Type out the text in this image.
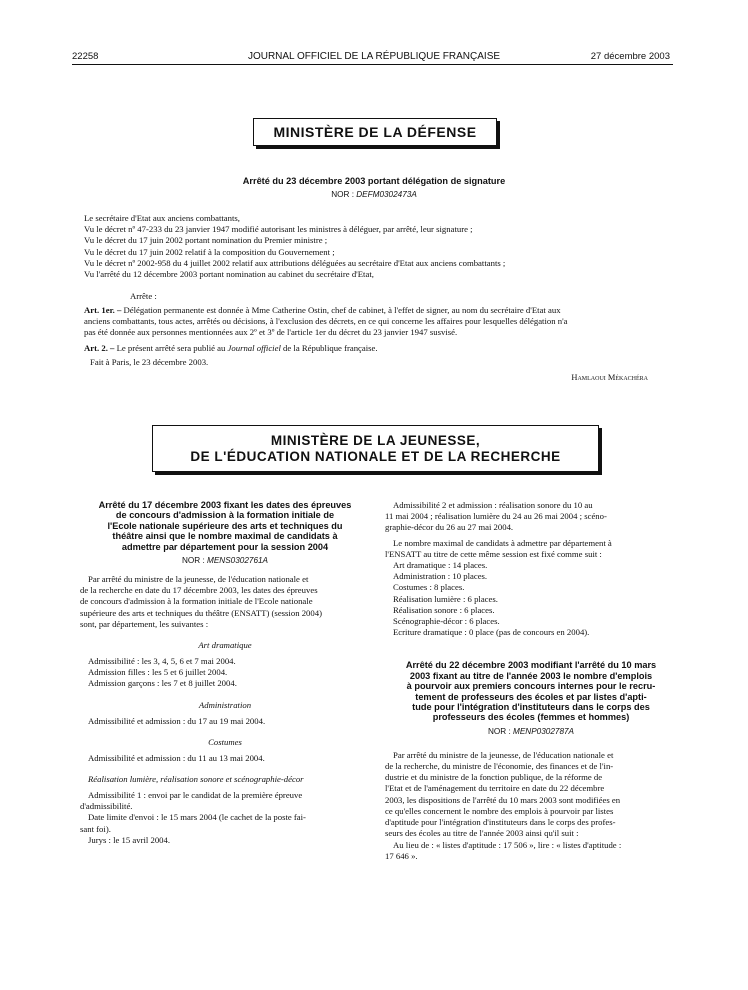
22258	JOURNAL OFFICIEL DE LA RÉPUBLIQUE FRANÇAISE	27 décembre 2003
MINISTÈRE DE LA DÉFENSE
Arrêté du 23 décembre 2003 portant délégation de signature
NOR : DEFM0302473A
Le secrétaire d'Etat aux anciens combattants,
Vu le décret nº 47-233 du 23 janvier 1947 modifié autorisant les ministres à déléguer, par arrêté, leur signature ;
Vu le décret du 17 juin 2002 portant nomination du Premier ministre ;
Vu le décret du 17 juin 2002 relatif à la composition du Gouvernement ;
Vu le décret nº 2002-958 du 4 juillet 2002 relatif aux attributions déléguées au secrétaire d'Etat aux anciens combattants ;
Vu l'arrêté du 12 décembre 2003 portant nomination au cabinet du secrétaire d'Etat,
Arrête :
Art. 1er. – Délégation permanente est donnée à Mme Catherine Ostin, chef de cabinet, à l'effet de signer, au nom du secrétaire d'Etat aux
anciens combattants, tous actes, arrêtés ou décisions, à l'exclusion des décrets, en ce qui concerne les affaires pour lesquelles délégation n'a
pas été donnée aux personnes mentionnées aux 2º et 3º de l'article 1er du décret du 23 janvier 1947 susvisé.
Art. 2. – Le présent arrêté sera publié au Journal officiel de la République française.
Fait à Paris, le 23 décembre 2003.
Hamlaoui Mékachéra
MINISTÈRE DE LA JEUNESSE,
DE L'ÉDUCATION NATIONALE ET DE LA RECHERCHE
Arrêté du 17 décembre 2003 fixant les dates des épreuves
de concours d'admission à la formation initiale de
l'Ecole nationale supérieure des arts et techniques du
théâtre ainsi que le nombre maximal de candidats à
admettre par département pour la session 2004
NOR : MENS0302761A
Par arrêté du ministre de la jeunesse, de l'éducation nationale et
de la recherche en date du 17 décembre 2003, les dates des épreuves
de concours d'admission à la formation initiale de l'Ecole nationale
supérieure des arts et techniques du théâtre (ENSATT) (session 2004)
sont, par département, les suivantes :
Art dramatique
Admissibilité : les 3, 4, 5, 6 et 7 mai 2004.
Admission filles : les 5 et 6 juillet 2004.
Admission garçons : les 7 et 8 juillet 2004.
Administration
Admissibilité et admission : du 17 au 19 mai 2004.
Costumes
Admissibilité et admission : du 11 au 13 mai 2004.
Réalisation lumière, réalisation sonore et scénographie-décor
Admissibilité 1 : envoi par le candidat de la première épreuve
d'admissibilité.
Date limite d'envoi : le 15 mars 2004 (le cachet de la poste fai-
sant foi).
Jurys : le 15 avril 2004.
Admissibilité 2 et admission : réalisation sonore du 10 au
11 mai 2004 ; réalisation lumière du 24 au 26 mai 2004 ; scéno-
graphie-décor du 26 au 27 mai 2004.
Le nombre maximal de candidats à admettre par département à
l'ENSATT au titre de cette même session est fixé comme suit :
Art dramatique : 14 places.
Administration : 10 places.
Costumes : 8 places.
Réalisation lumière : 6 places.
Réalisation sonore : 6 places.
Scénographie-décor : 6 places.
Ecriture dramatique : 0 place (pas de concours en 2004).
Arrêté du 22 décembre 2003 modifiant l'arrêté du 10 mars
2003 fixant au titre de l'année 2003 le nombre d'emplois
à pourvoir aux premiers concours internes pour le recru-
tement de professeurs des écoles et par listes d'apti-
tude pour l'intégration d'instituteurs dans le corps des
professeurs des écoles (femmes et hommes)
NOR : MENP0302787A
Par arrêté du ministre de la jeunesse, de l'éducation nationale et
de la recherche, du ministre de l'économie, des finances et de l'in-
dustrie et du ministre de la fonction publique, de la réforme de
l'Etat et de l'aménagement du territoire en date du 22 décembre
2003, les dispositions de l'arrêté du 10 mars 2003 sont modifiées en
ce qu'elles concernent le nombre des emplois à pourvoir par listes
d'aptitude pour l'intégration d'instituteurs dans le corps des profes-
seurs des écoles au titre de l'année 2003 ainsi qu'il suit :
Au lieu de : « listes d'aptitude : 17 506 », lire : « listes d'aptitude :
17 646 ».
